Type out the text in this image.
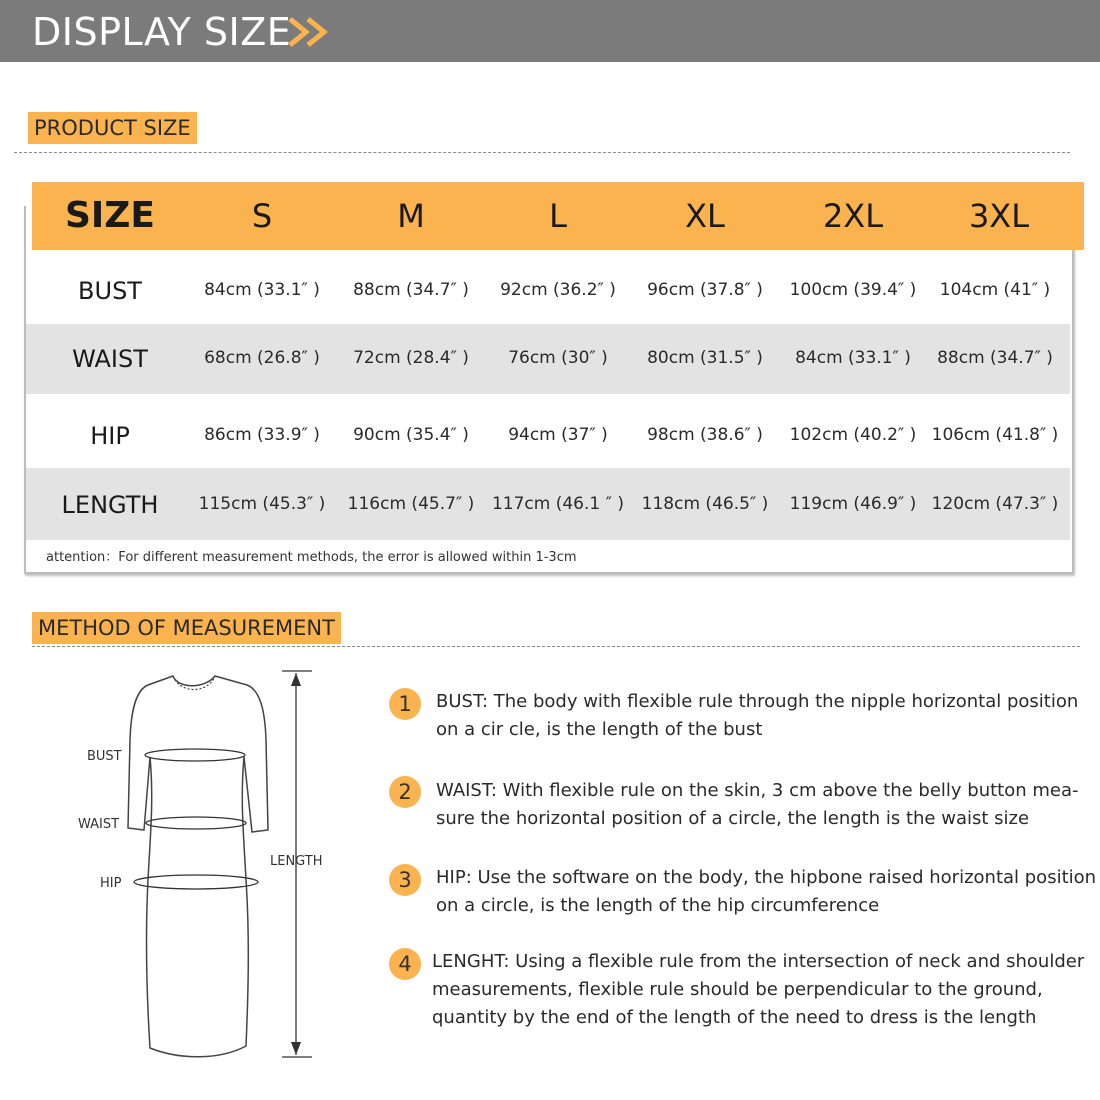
DISPLAY SIZE
PRODUCT SIZE
SIZE	S	M	L	XL	2XL	3XL
BUST	84cm (33.1″ )	88cm (34.7″ )	92cm (36.2″ )	96cm (37.8″ )	100cm (39.4″ )	104cm (41″ )
WAIST	68cm (26.8″ )	72cm (28.4″ )	76cm (30″ )	80cm (31.5″ )	84cm (33.1″ )	88cm (34.7″ )
HIP	86cm (33.9″ )	90cm (35.4″ )	94cm (37″ )	98cm (38.6″ )	102cm (40.2″ ) 106cm (41.8″ )
LENGTH	115cm (45.3″ )	116cm (45.7″ )	117cm (46.1 ″ )	118cm (46.5″ )	119cm (46.9″ ) 120cm (47.3″ )
attention：For different measurement methods, the error is allowed within 1-3cm
METHOD OF MEASUREMENT
BUST
WAIST
HIP
LENGTH
1	BUST: The body with flexible rule through the nipple horizontal position
on a cir cle, is the length of the bust
2	WAIST: With flexible rule on the skin, 3 cm above the belly button mea-
sure the horizontal position of a circle, the length is the waist size
3	HIP: Use the software on the body, the hipbone raised horizontal position
on a circle, is the length of the hip circumference
4	LENGHT: Using a flexible rule from the intersection of neck and shoulder
measurements, flexible rule should be perpendicular to the ground,
quantity by the end of the length of the need to dress is the length
